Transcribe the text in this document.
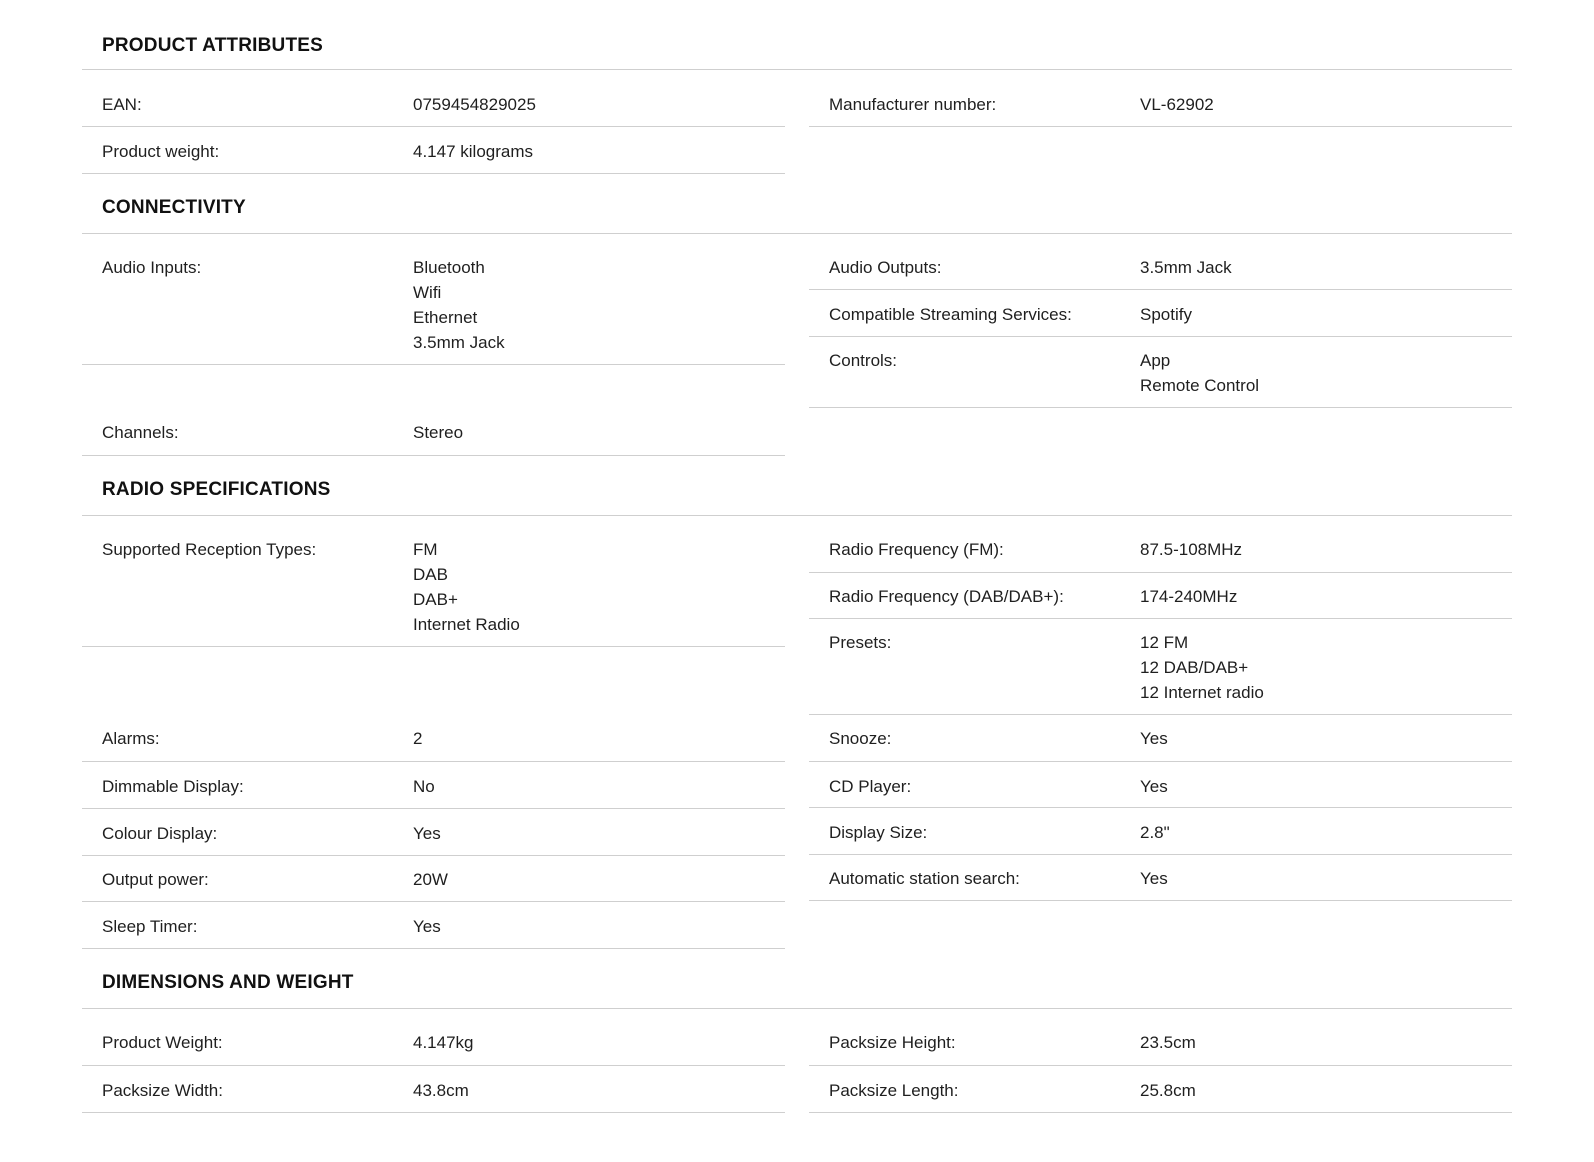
PRODUCT ATTRIBUTES
EAN:	0759454829025
Product weight:	4.147 kilograms
Manufacturer number:	VL-62902
CONNECTIVITY
Audio Inputs:	Bluetooth
Wifi
Ethernet
3.5mm Jack
Channels:	Stereo
Audio Outputs:	3.5mm Jack
Compatible Streaming Services:	Spotify
Controls:	App
Remote Control
RADIO SPECIFICATIONS
Supported Reception Types:	FM
DAB
DAB+
Internet Radio
Alarms:	2
Dimmable Display:	No
Colour Display:	Yes
Output power:	20W
Sleep Timer:	Yes
Radio Frequency (FM):	87.5-108MHz
Radio Frequency (DAB/DAB+):	174-240MHz
Presets:	12 FM
12 DAB/DAB+
12 Internet radio
Snooze:	Yes
CD Player:	Yes
Display Size:	2.8"
Automatic station search:	Yes
DIMENSIONS AND WEIGHT
Product Weight:	4.147kg
Packsize Width:	43.8cm
Packsize Height:	23.5cm
Packsize Length:	25.8cm
